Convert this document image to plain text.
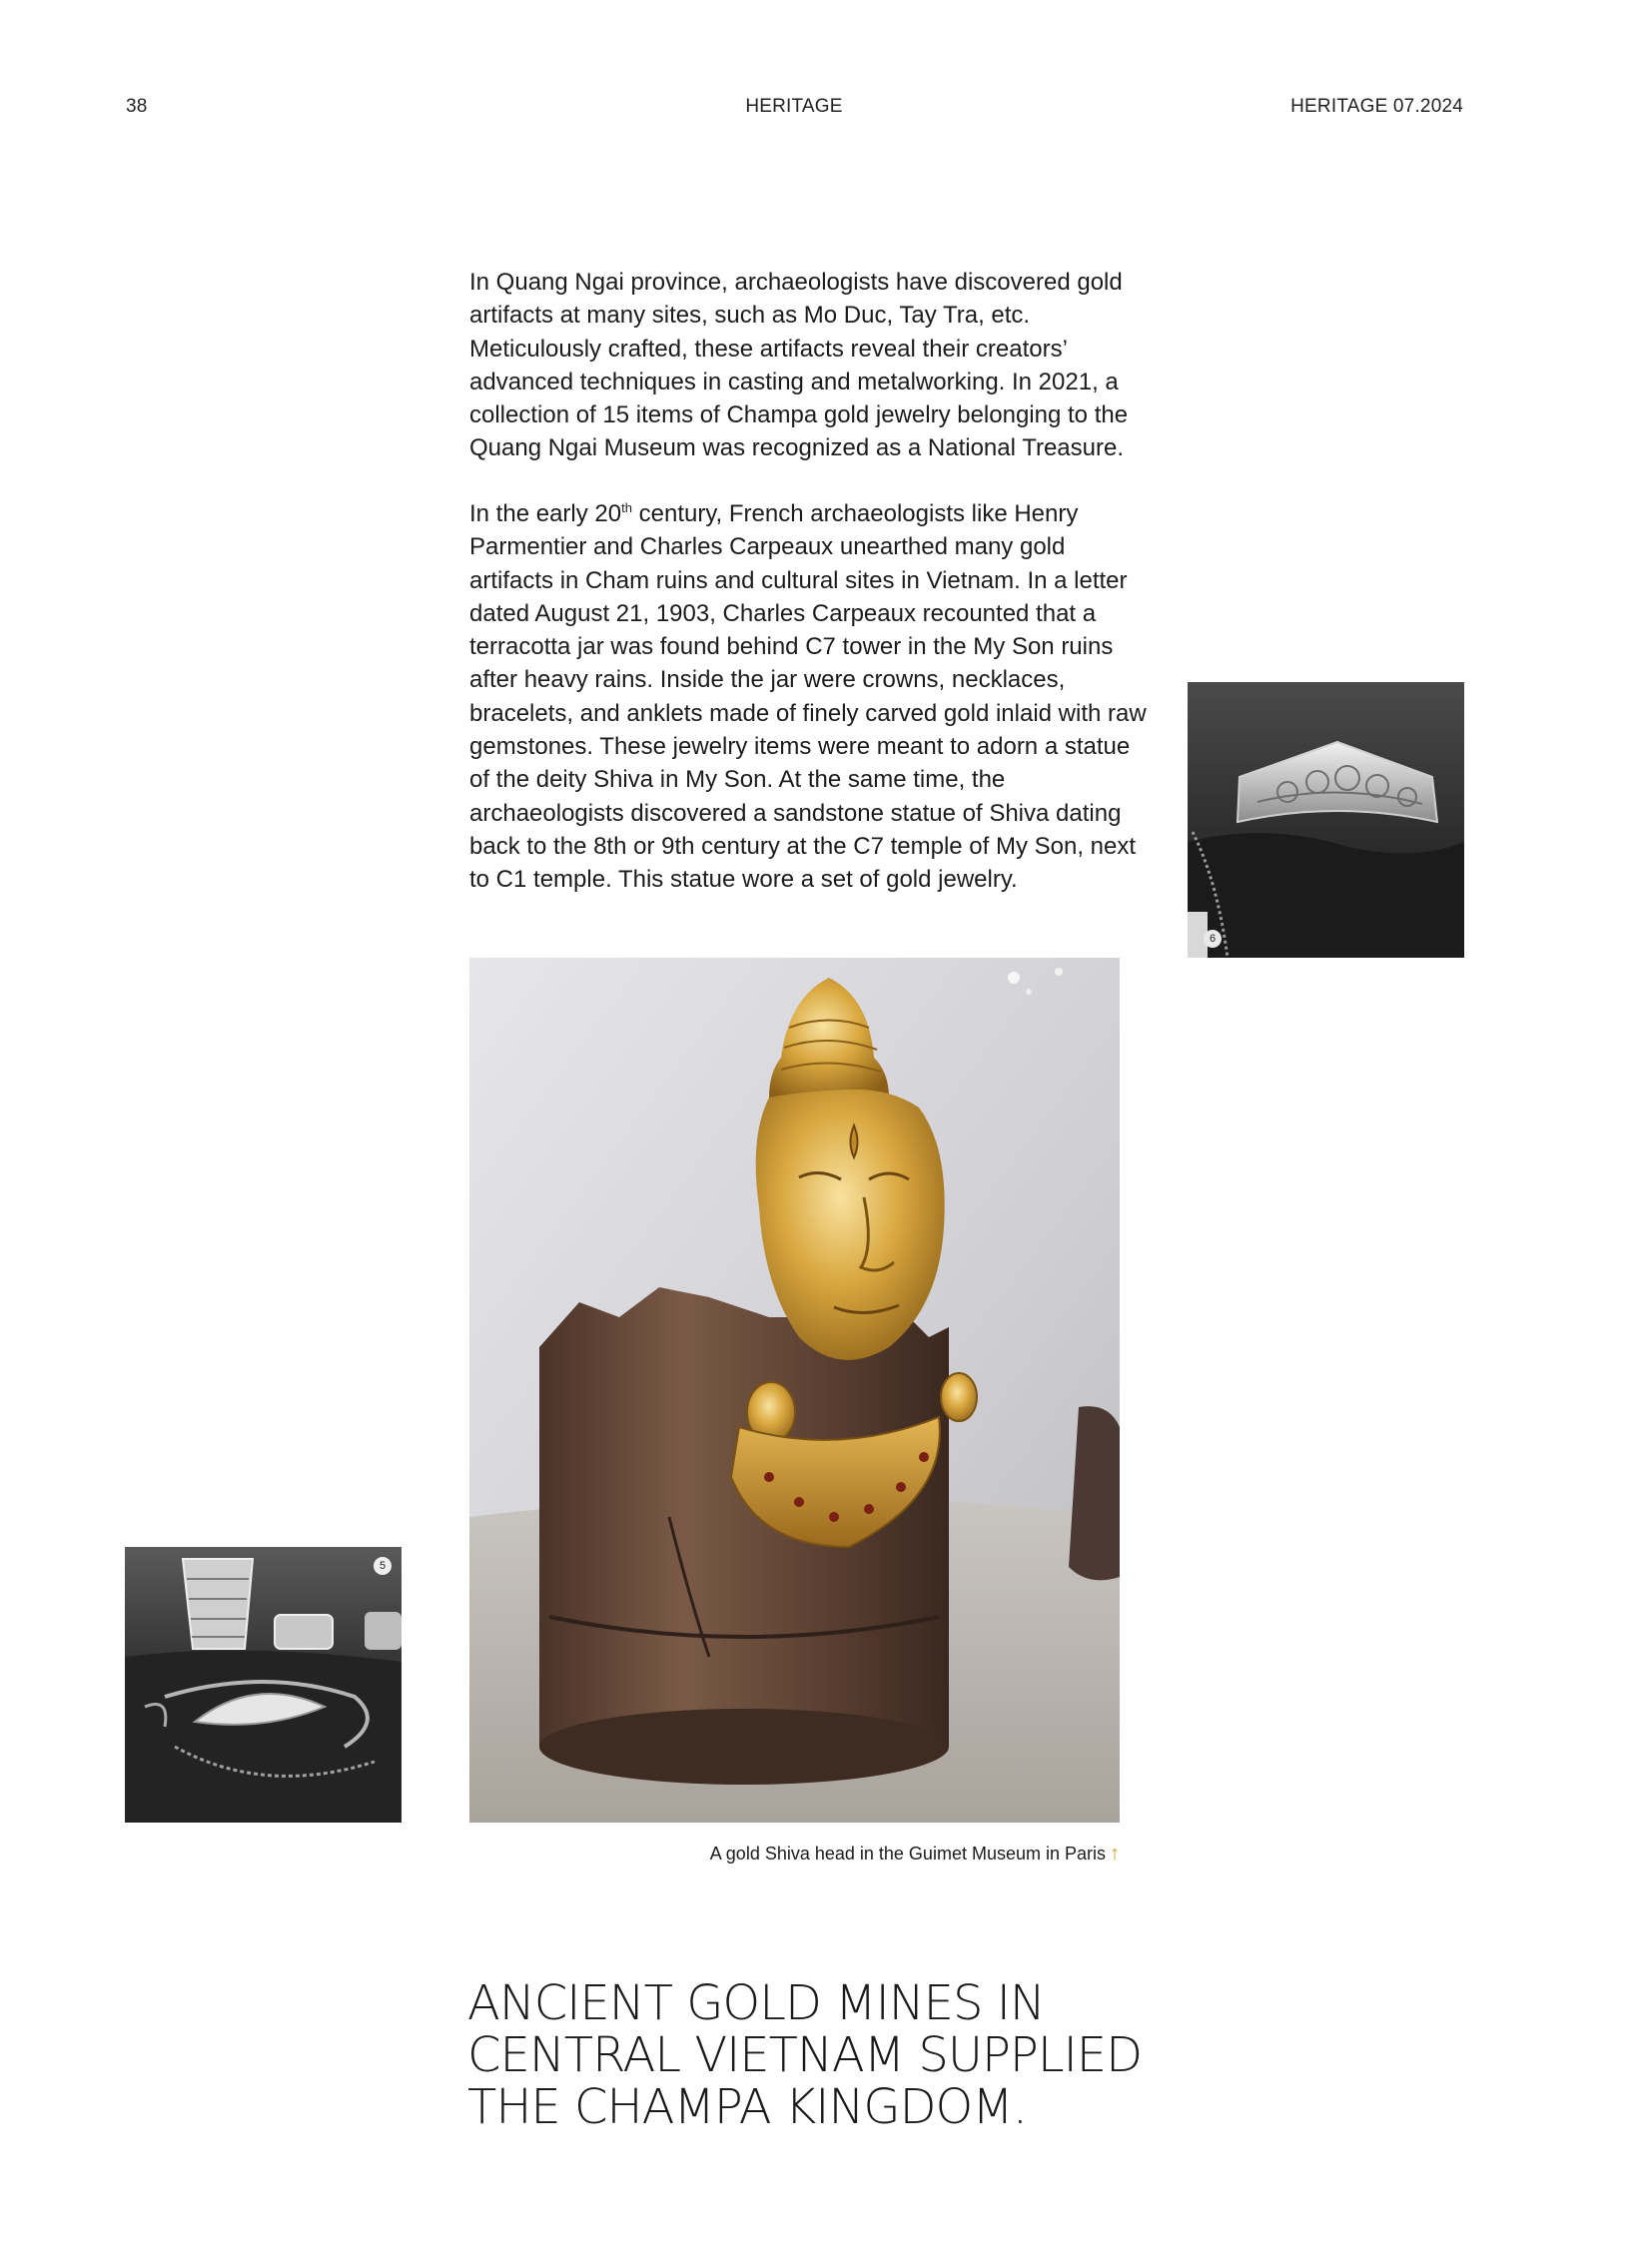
38	HERITAGE	HERITAGE 07.2024

In Quang Ngai province, archaeologists have discovered gold artifacts at many sites, such as Mo Duc, Tay Tra, etc. Meticulously crafted, these artifacts reveal their creators’ advanced techniques in casting and metalworking. In 2021, a collection of 15 items of Champa gold jewelry belonging to the Quang Ngai Museum was recognized as a National Treasure.

In the early 20th century, French archaeologists like Henry Parmentier and Charles Carpeaux unearthed many gold artifacts in Cham ruins and cultural sites in Vietnam. In a letter dated August 21, 1903, Charles Carpeaux recounted that a terracotta jar was found behind C7 tower in the My Son ruins after heavy rains. Inside the jar were crowns, necklaces, bracelets, and anklets made of finely carved gold inlaid with raw gemstones. These jewelry items were meant to adorn a statue of the deity Shiva in My Son. At the same time, the archaeologists discovered a sandstone statue of Shiva dating back to the 8th or 9th century at the C7 temple of My Son, next to C1 temple. This statue wore a set of gold jewelry.

6
5
A gold Shiva head in the Guimet Museum in Paris ↑
ANCIENT GOLD MINES IN
CENTRAL VIETNAM SUPPLIED
THE CHAMPA KINGDOM.
